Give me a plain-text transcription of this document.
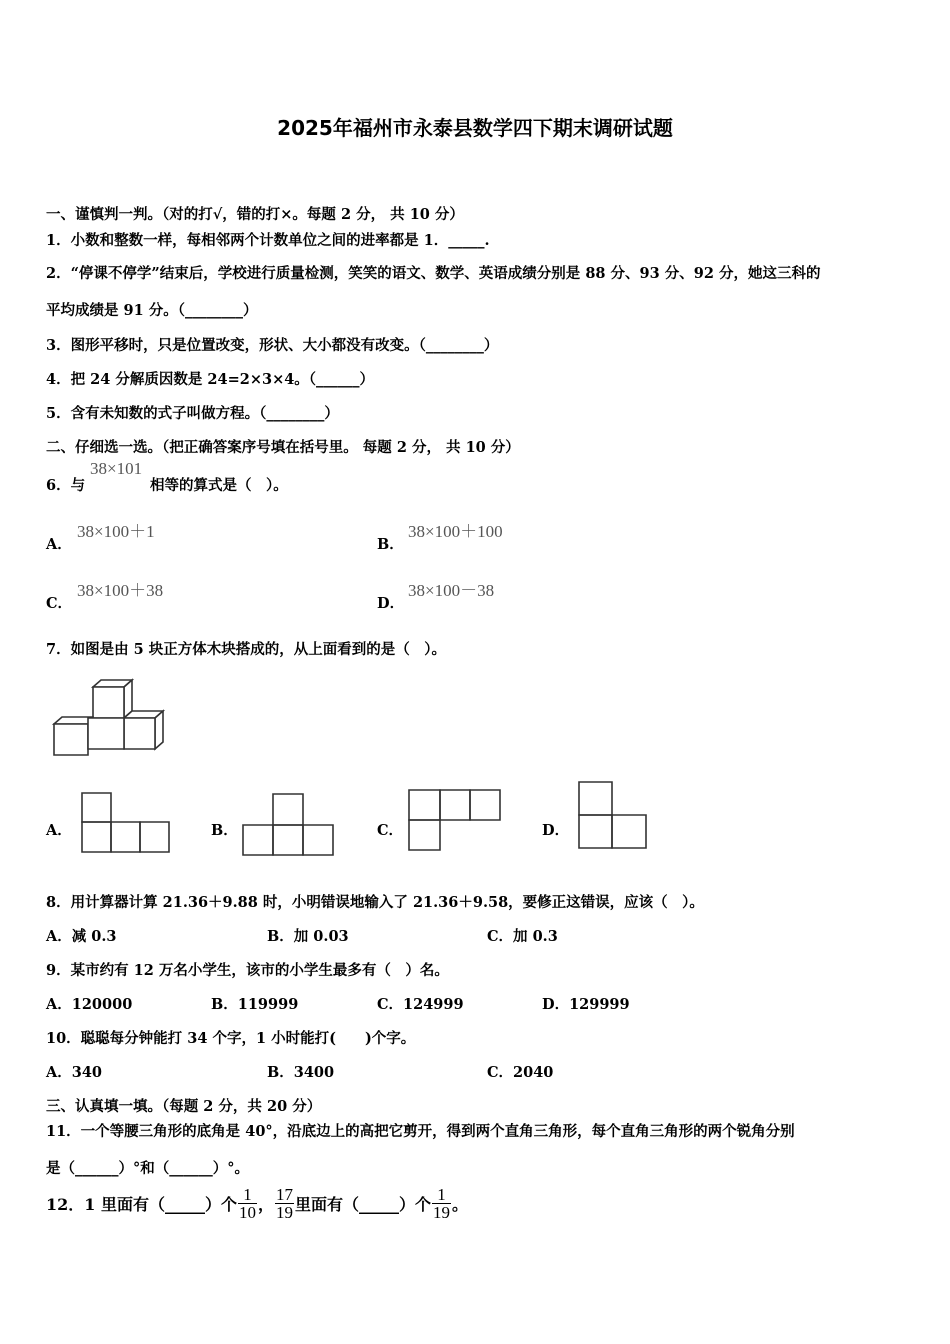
2025年福州市永泰县数学四下期末调研试题
一、谨慎判一判。（对的打√，错的打×。每题 2 分， 共 10 分）
1．小数和整数一样，每相邻两个计数单位之间的进率都是 1．_____.
2．“停课不停学”结束后，学校进行质量检测，笑笑的语文、数学、英语成绩分别是 88 分、93 分、92 分，她这三科的
平均成绩是 91 分。（________）
3．图形平移时，只是位置改变，形状、大小都没有改变。（________）
4．把 24 分解质因数是 24=2×3×4。（______）
5．含有未知数的式子叫做方程。（________）
二、仔细选一选。（把正确答案序号填在括号里。 每题 2 分， 共 10 分）
6．与
38×101
相等的算式是（　）。
A．
38×100＋1
B．
38×100＋100
C．
38×100＋38
D．
38×100－38
7．如图是由 5 块正方体木块搭成的，从上面看到的是（　）。
A．	B．	C．	D．
8．用计算器计算 21.36＋9.88 时，小明错误地输入了 21.36＋9.58，要修正这错误，应该（　）。
A．减 0.3	B．加 0.03	C．加 0.3
9．某市约有 12 万名小学生，该市的小学生最多有（　）名。
A．120000	B．119999	C．124999	D．129999
10．聪聪每分钟能打 34 个字，1 小时能打(　　)个字。
A．340	B．3400	C．2040
三、认真填一填。（每题 2 分，共 20 分）
11．一个等腰三角形的底角是 40°，沿底边上的高把它剪开，得到两个直角三角形，每个直角三角形的两个锐角分别
是（______）°和（______）°。
12．1 里面有（_____）个 $\frac{1}{10}$ ， $\frac{17}{19}$ 里面有（_____）个 $\frac{1}{19}$ 。
